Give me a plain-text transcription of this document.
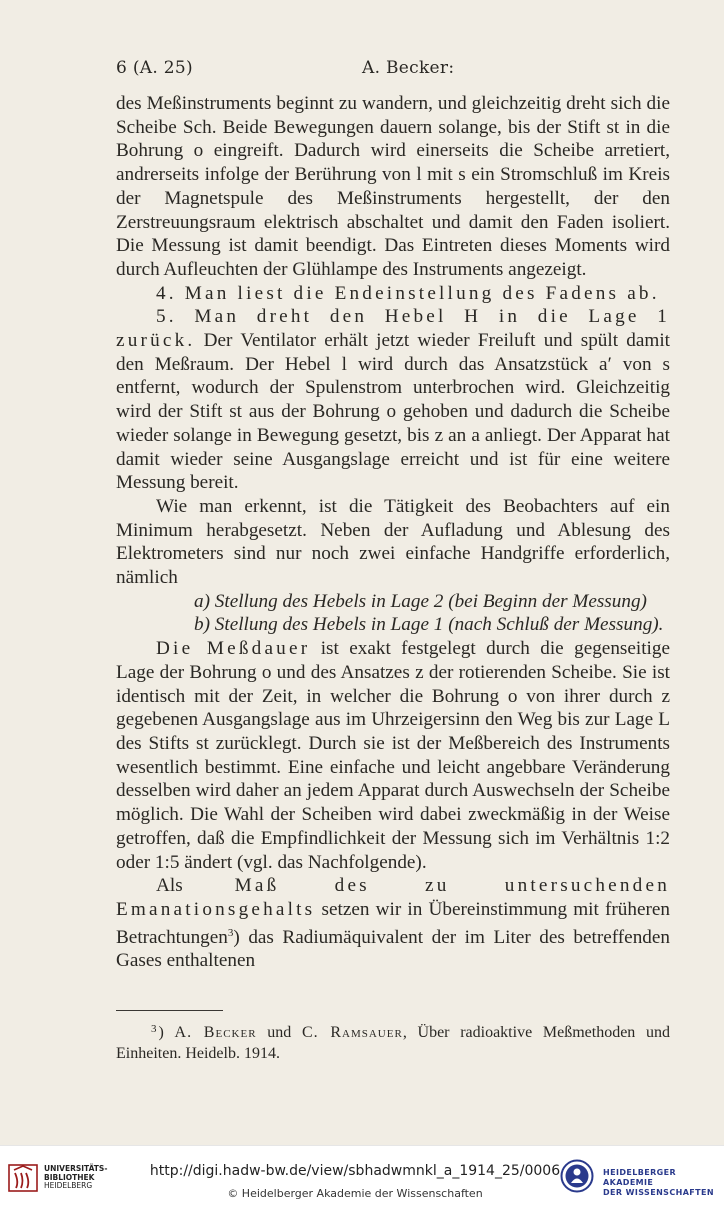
6 (A. 25)	A. Becker:

des Meßinstruments beginnt zu wandern, und gleichzeitig dreht sich die Scheibe Sch. Beide Bewegungen dauern solange, bis der Stift st in die Bohrung o eingreift. Dadurch wird einerseits die Scheibe arretiert, andrerseits infolge der Berührung von l mit s ein Stromschluß im Kreis der Magnetspule des Meßinstruments hergestellt, der den Zerstreuungsraum elektrisch abschaltet und damit den Faden isoliert. Die Messung ist damit beendigt. Das Eintreten dieses Moments wird durch Aufleuchten der Glühlampe des Instruments angezeigt.

4. Man liest die Endeinstellung des Fadens ab.

5. Man dreht den Hebel H in die Lage 1 zurück. Der Ventilator erhält jetzt wieder Freiluft und spült damit den Meßraum. Der Hebel l wird durch das Ansatzstück a′ von s entfernt, wodurch der Spulenstrom unterbrochen wird. Gleichzeitig wird der Stift st aus der Bohrung o gehoben und dadurch die Scheibe wieder solange in Bewegung gesetzt, bis z an a anliegt. Der Apparat hat damit wieder seine Ausgangslage erreicht und ist für eine weitere Messung bereit.

Wie man erkennt, ist die Tätigkeit des Beobachters auf ein Minimum herabgesetzt. Neben der Aufladung und Ablesung des Elektrometers sind nur noch zwei einfache Handgriffe erforderlich, nämlich

a) Stellung des Hebels in Lage 2 (bei Beginn der Messung)

b) Stellung des Hebels in Lage 1 (nach Schluß der Messung).

Die Meßdauer ist exakt festgelegt durch die gegenseitige Lage der Bohrung o und des Ansatzes z der rotierenden Scheibe. Sie ist identisch mit der Zeit, in welcher die Bohrung o von ihrer durch z gegebenen Ausgangslage aus im Uhrzeigersinn den Weg bis zur Lage L des Stifts st zurücklegt. Durch sie ist der Meßbereich des Instruments wesentlich bestimmt. Eine einfache und leicht angebbare Veränderung desselben wird daher an jedem Apparat durch Auswechseln der Scheibe möglich. Die Wahl der Scheiben wird dabei zweckmäßig in der Weise getroffen, daß die Empfindlichkeit der Messung sich im Verhältnis 1:2 oder 1:5 ändert (vgl. das Nachfolgende).

Als Maß des zu untersuchenden Emanationsgehalts setzen wir in Übereinstimmung mit früheren Betrachtungen$^3$) das Radiumäquivalent der im Liter des betreffenden Gases enthaltenen

$^3$ ) A. Becker und C. Ramsauer, Über radioaktive Meßmethoden und Einheiten. Heidelb. 1914.
UNIVERSITÄTS-
BIBLIOTHEK
HEIDELBERG
http://digi.hadw-bw.de/view/sbhadwmnkl_a_1914_25/0006
© Heidelberger Akademie der Wissenschaften
HEIDELBERGER AKADEMIE
DER WISSENSCHAFTEN
